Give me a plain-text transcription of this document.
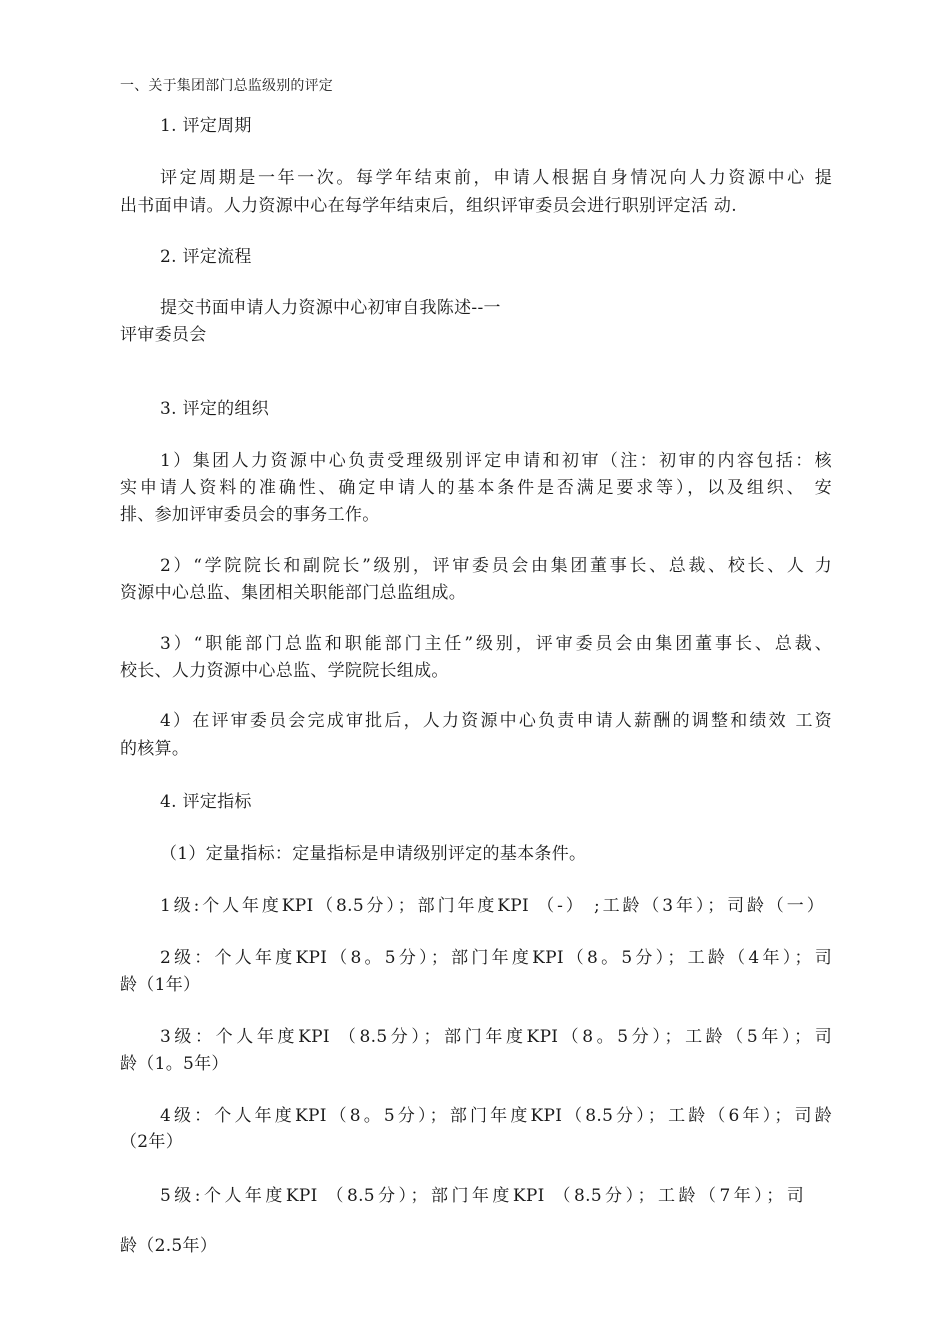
一、关于集团部门总监级别的评定
1. 评定周期
评定周期是一年一次。每学年结束前，申请人根据自身情况向人力资源中心 提
出书面申请。人力资源中心在每学年结束后，组织评审委员会进行职别评定活 动.
2. 评定流程
提交书面申请人力资源中心初审自我陈述--一
评审委员会
3. 评定的组织
1）集团人力资源中心负责受理级别评定申请和初审（注：初审的内容包括：核
实申请人资料的准确性、确定申请人的基本条件是否满足要求等），以及组织、 安
排、参加评审委员会的事务工作。
2）“学院院长和副院长”级别，评审委员会由集团董事长、总裁、校长、人 力
资源中心总监、集团相关职能部门总监组成。
3）“职能部门总监和职能部门主任”级别，评审委员会由集团董事长、总裁、
校长、人力资源中心总监、学院院长组成。
4）在评审委员会完成审批后，人力资源中心负责申请人薪酬的调整和绩效 工资
的核算。
4. 评定指标
（1）定量指标：定量指标是申请级别评定的基本条件。
1级:个人年度KPI（8.5分）；部门年度KPI （-） ;工龄（3年）；司龄（一）
2级：个人年度KPI（8。5分）；部门年度KPI（8。5分）；工龄（4年）；司
龄（1年）
3级：个人年度KPI （8.5分）；部门年度KPI（8。5分）；工龄（5年）；司
龄（1。5年）
4级：个人年度KPI（8。5分）；部门年度KPI（8.5分）；工龄（6年）；司龄
（2年）
5级:个人年度KPI （8.5分）；部门年度KPI （8.5分）；工龄（7年）；司
龄（2.5年）
